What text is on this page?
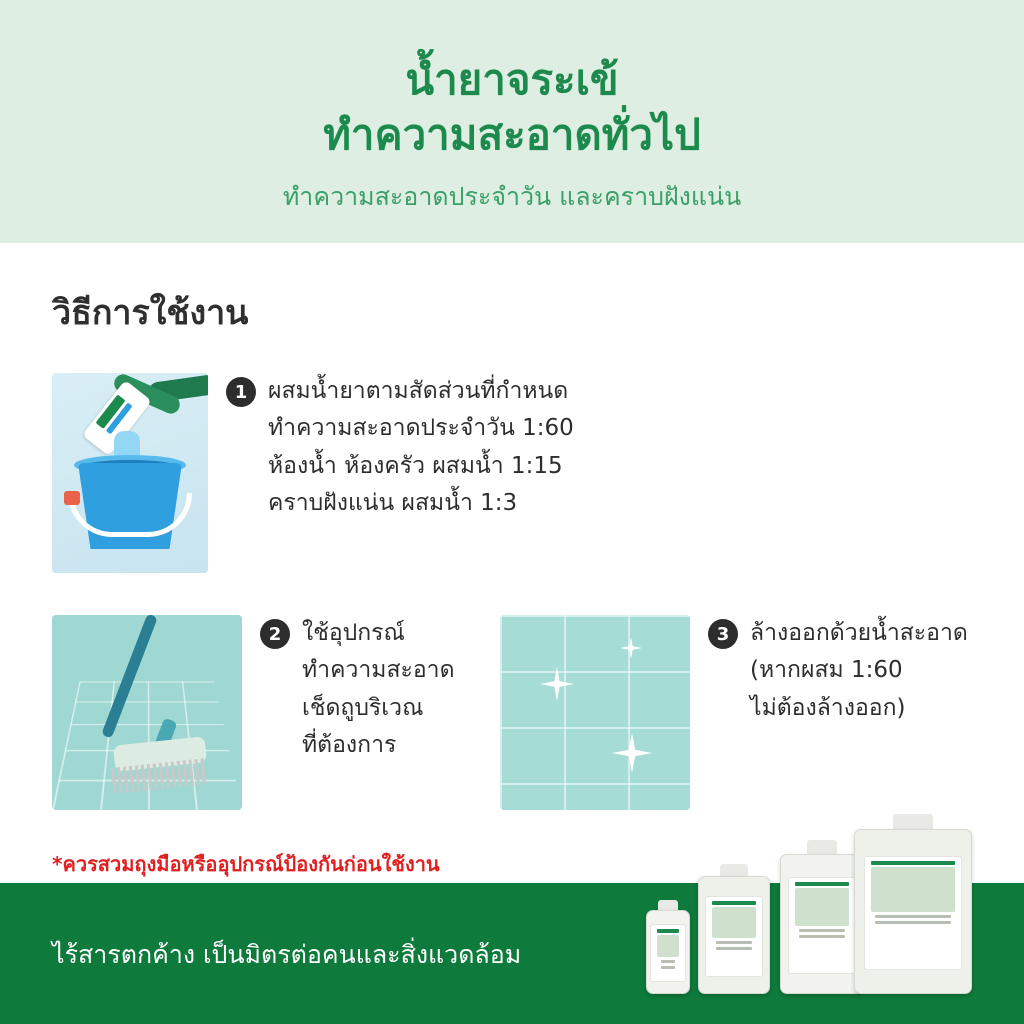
น้ำยาจระเข้
ทำความสะอาดทั่วไป
ทำความสะอาดประจำวัน และคราบฝังแน่น
วิธีการใช้งาน
1 ผสมน้ำยาตามสัดส่วนที่กำหนด
ทำความสะอาดประจำวัน 1:60
ห้องน้ำ ห้องครัว ผสมน้ำ 1:15
คราบฝังแน่น ผสมน้ำ 1:3
2 ใช้อุปกรณ์
ทำความสะอาด
เช็ดถูบริเวณ
ที่ต้องการ
3 ล้างออกด้วยน้ำสะอาด
(หากผสม 1:60
ไม่ต้องล้างออก)
*ควรสวมถุงมือหรืออุปกรณ์ป้องกันก่อนใช้งาน
ไร้สารตกค้าง เป็นมิตรต่อคนและสิ่งแวดล้อม
